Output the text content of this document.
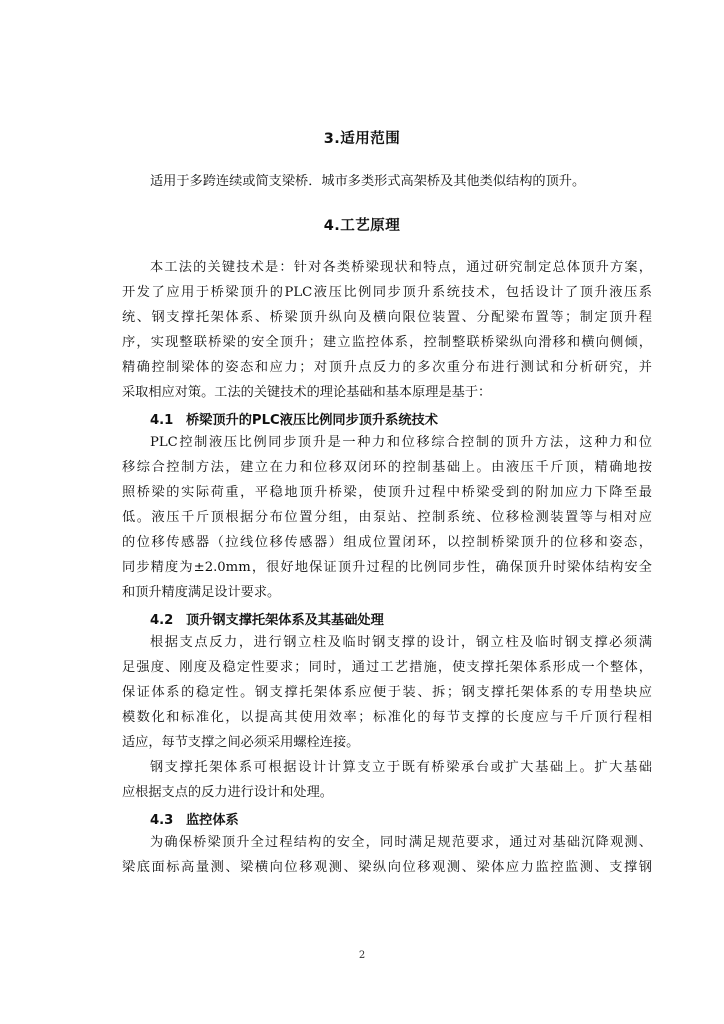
3.适用范围
适用于多跨连续或简支梁桥．城市多类形式高架桥及其他类似结构的顶升。
4.工艺原理
本工法的关键技术是：针对各类桥梁现状和特点，通过研究制定总体顶升方案，
开发了应用于桥梁顶升的PLC液压比例同步顶升系统技术，包括设计了顶升液压系
统、钢支撑托架体系、桥梁顶升纵向及横向限位装置、分配梁布置等；制定顶升程
序，实现整联桥梁的安全顶升；建立监控体系，控制整联桥梁纵向滑移和横向侧倾，
精确控制梁体的姿态和应力；对顶升点反力的多次重分布进行测试和分析研究，并
采取相应对策。工法的关键技术的理论基础和基本原理是基于：
4.1 桥梁顶升的PLC液压比例同步顶升系统技术
PLC控制液压比例同步顶升是一种力和位移综合控制的顶升方法，这种力和位
移综合控制方法，建立在力和位移双闭环的控制基础上。由液压千斤顶，精确地按
照桥梁的实际荷重，平稳地顶升桥梁，使顶升过程中桥梁受到的附加应力下降至最
低。液压千斤顶根据分布位置分组，由泵站、控制系统、位移检测装置等与相对应
的位移传感器（拉线位移传感器）组成位置闭环，以控制桥梁顶升的位移和姿态，
同步精度为±2.0mm，很好地保证顶升过程的比例同步性，确保顶升时梁体结构安全
和顶升精度满足设计要求。
4.2 顶升钢支撑托架体系及其基础处理
根据支点反力，进行钢立柱及临时钢支撑的设计，钢立柱及临时钢支撑必须满
足强度、刚度及稳定性要求；同时，通过工艺措施，使支撑托架体系形成一个整体，
保证体系的稳定性。钢支撑托架体系应便于装、拆；钢支撑托架体系的专用垫块应
模数化和标准化，以提高其使用效率；标准化的每节支撑的长度应与千斤顶行程相
适应，每节支撑之间必须采用螺栓连接。
钢支撑托架体系可根据设计计算支立于既有桥梁承台或扩大基础上。扩大基础
应根据支点的反力进行设计和处理。
4.3 监控体系
为确保桥梁顶升全过程结构的安全，同时满足规范要求，通过对基础沉降观测、
梁底面标高量测、梁横向位移观测、梁纵向位移观测、梁体应力监控监测、支撑钢
2
